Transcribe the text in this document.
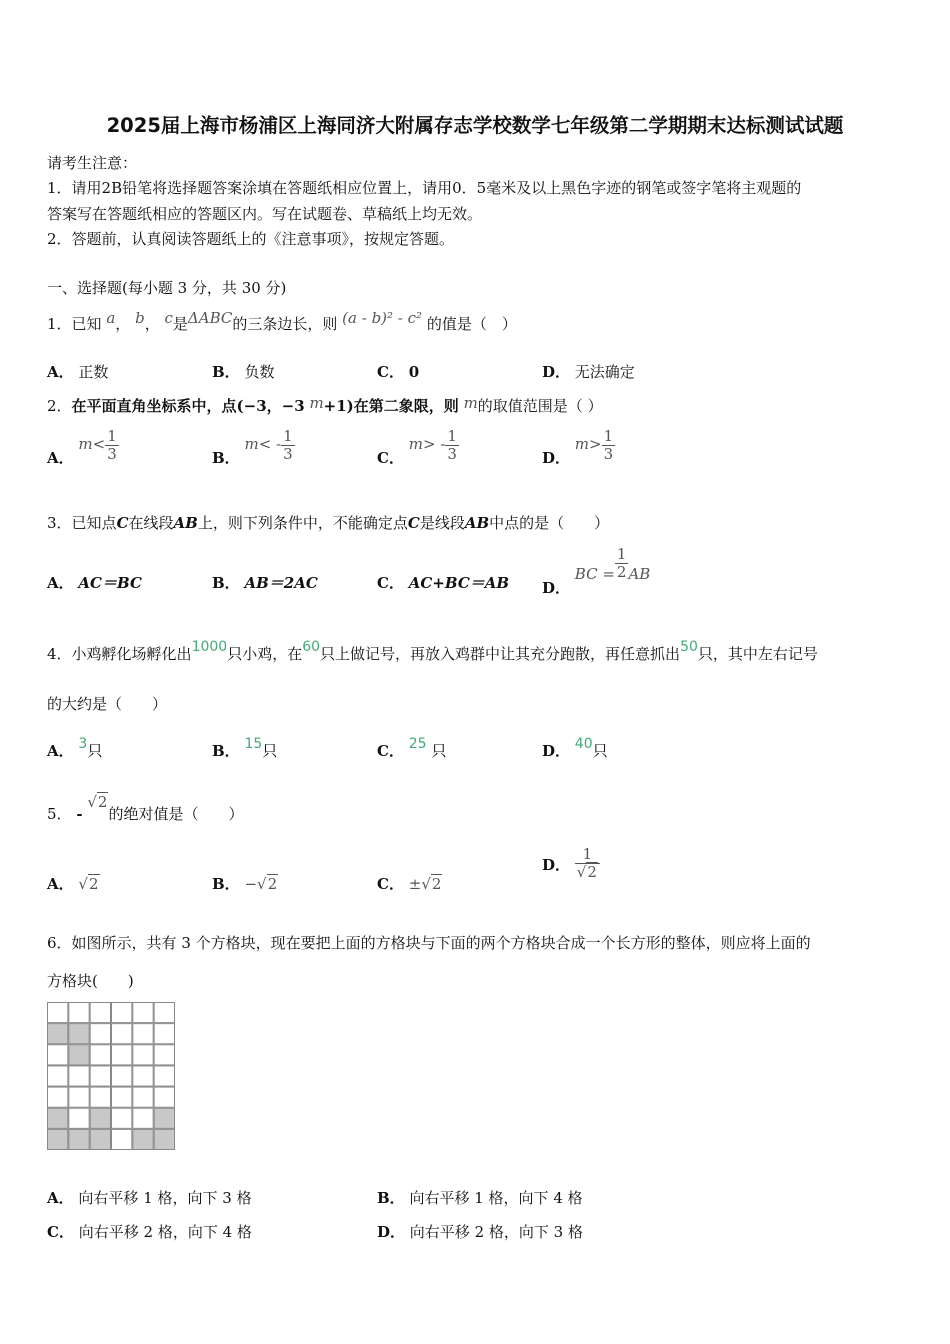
2025届上海市杨浦区上海同济大附属存志学校数学七年级第二学期期末达标测试试题
请考生注意：
1．请用2B铅笔将选择题答案涂填在答题纸相应位置上，请用0．5毫米及以上黑色字迹的钢笔或签字笔将主观题的
答案写在答题纸相应的答题区内。写在试题卷、草稿纸上均无效。
2．答题前，认真阅读答题纸上的《注意事项》，按规定答题。
一、选择题(每小题 3 分，共 30 分)
1．已知 a， b， c是ΔABC的三条边长，则 (a - b)² - c² 的值是（　）
A． 正数	B． 负数	C． 0	D． 无法确定
2．在平面直角坐标系中，点(−3，−3 m+1)在第二象限，则 m的取值范围是（ ）
A． $m< \frac{1}{3}$	B． $m< - \frac{1}{3}$	C． $m> - \frac{1}{3}$	D． $m> \frac{1}{3}$
3．已知点C在线段AB上，则下列条件中，不能确定点C是线段AB中点的是（　　）
A． AC＝BC	B． AB＝2AC	C． AC+BC＝AB D． BC = $\frac{1}{2}$ AB
4．小鸡孵化场孵化出1000只小鸡，在60只上做记号，再放入鸡群中让其充分跑散，再任意抓出50只，其中左右记号
的大约是（　　）
A． 3只	B． 15只	C． 25 只	D． 40只
5． - √2的绝对值是（　　）
A． √2	B． −√2	C． ±√2
D． $\frac{1}{√2}$
6．如图所示，共有 3 个方格块，现在要把上面的方格块与下面的两个方格块合成一个长方形的整体，则应将上面的
方格块(　　)
A． 向右平移 1 格，向下 3 格	B． 向右平移 1 格，向下 4 格
C． 向右平移 2 格，向下 4 格	D． 向右平移 2 格，向下 3 格
